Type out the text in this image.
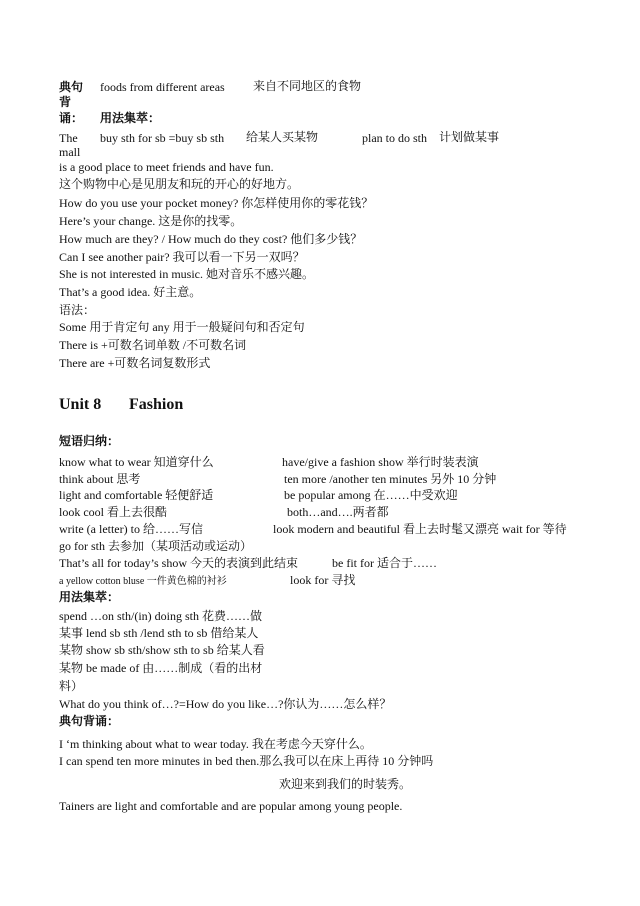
典句 foods from different areas 来自不同地区的食物
背
诵： 用法集萃：
The buy sth for sb =buy sb sth 给某人买某物	plan to do sth 计划做某事
mall
is a good place to meet friends and have fun.
这个购物中心是见朋友和玩的开心的好地方。
How do you use your pocket money? 你怎样使用你的零花钱？
Here’s your change. 这是你的找零。
How much are they? / How much do they cost? 他们多少钱？
Can I see another pair? 我可以看一下另一双吗？
She is not interested in music. 她对音乐不感兴趣。
That’s a good idea. 好主意。
语法：
Some 用于肯定句 any 用于一般疑问句和否定句
There is +可数名词单数 /不可数名词
There are +可数名词复数形式
Unit 8 Fashion
短语归纳：
know what to wear 知道穿什么	have/give a fashion show 举行时装表演
think about 思考	ten more /another ten minutes 另外 10 分钟
light and comfortable 轻便舒适	be popular among 在……中受欢迎
look cool 看上去很酷	both…and….两者都
write (a letter) to 给……写信	look modern and beautiful 看上去时髦又漂亮 wait for 等待
go for sth 去参加（某项活动或运动）
That’s all for today’s show 今天的表演到此结束	be fit for 适合于……
a yellow cotton bluse 一件黄色棉的衬衫	look for 寻找
用法集萃：
spend …on sth/(in) doing sth 花费……做
某事 lend sb sth /lend sth to sb 借给某人
某物 show sb sth/show sth to sb 给某人看
某物 be made of 由……制成（看的出材
料）
What do you think of…?=How do you like…?你认为……怎么样？
典句背诵：
I ‘m thinking about what to wear today. 我在考虑今天穿什么。
I can spend ten more minutes in bed then.那么我可以在床上再待 10 分钟吗
欢迎来到我们的时装秀。
Tainers are light and comfortable and are popular among young people.
